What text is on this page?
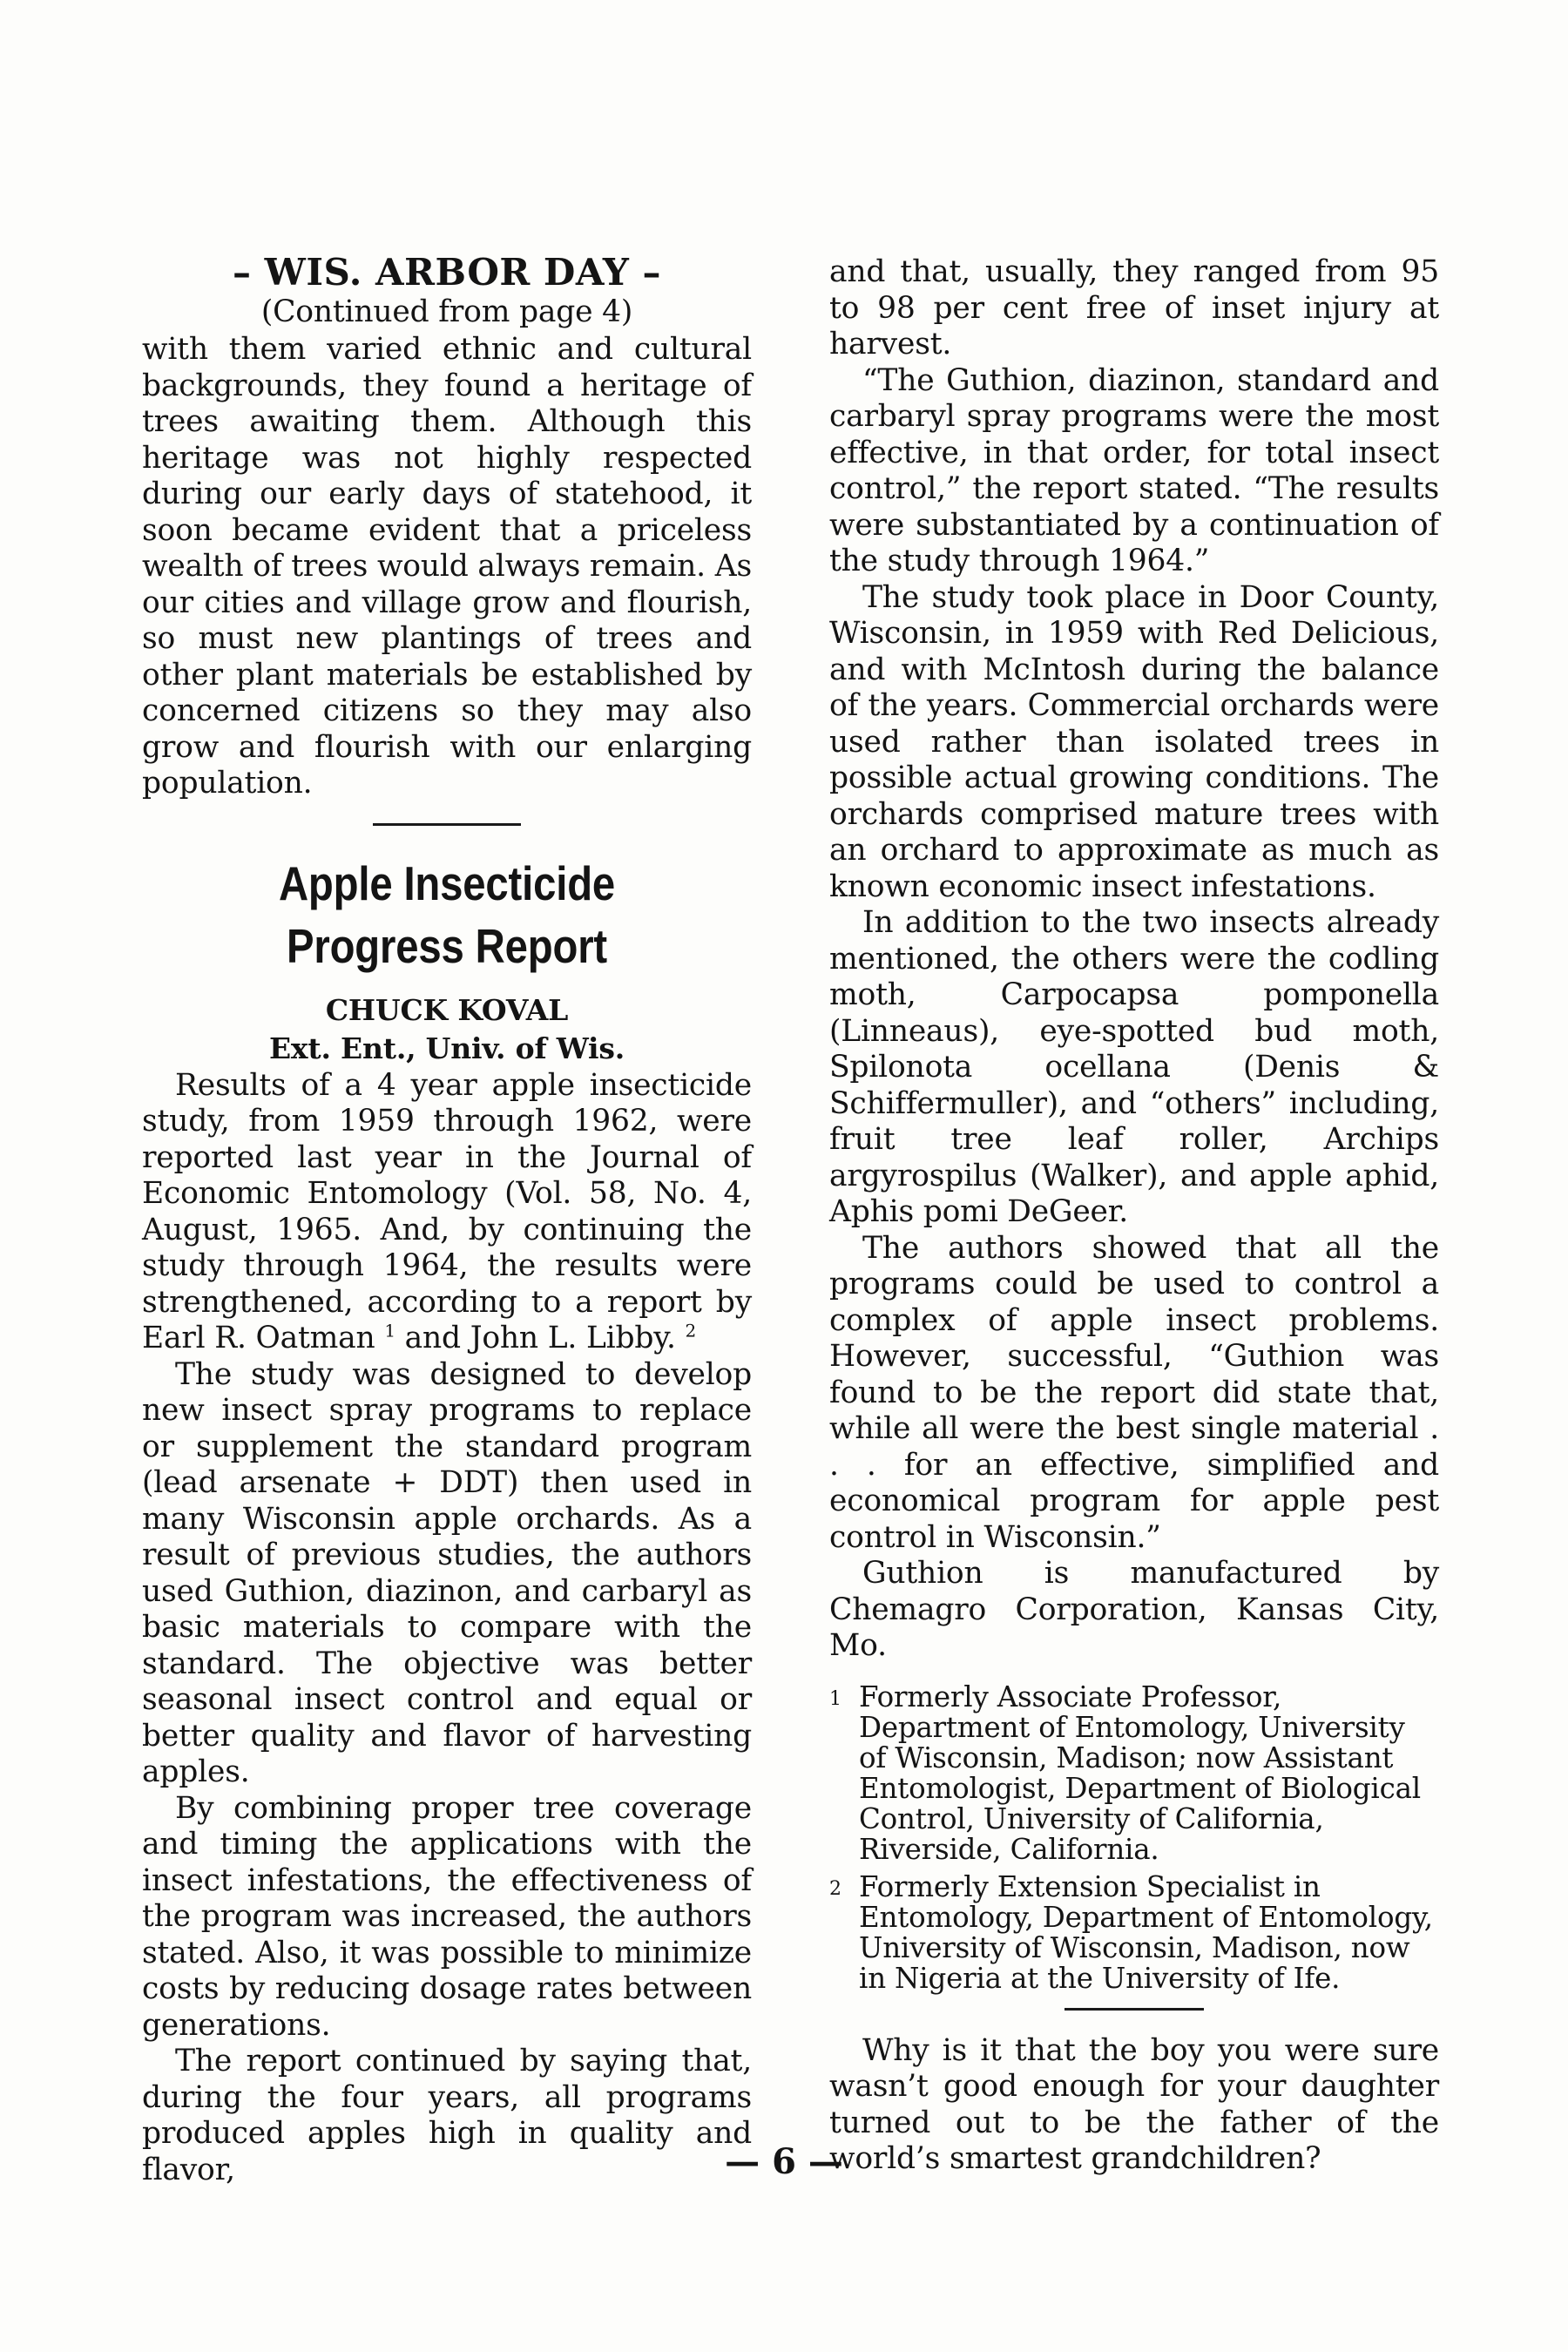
– WIS. ARBOR DAY –
(Continued from page 4)

with them varied ethnic and cultural backgrounds, they found a heritage of trees awaiting them. Although this heritage was not highly respected during our early days of statehood, it soon became evident that a priceless wealth of trees would always remain. As our cities and village grow and flourish, so must new plantings of trees and other plant materials be established by concerned citizens so they may also grow and flourish with our enlarging population.

Apple Insecticide Progress Report
CHUCK KOVAL
Ext. Ent., Univ. of Wis.

Results of a 4 year apple insecticide study, from 1959 through 1962, were reported last year in the Journal of Economic Entomology (Vol. 58, No. 4, August, 1965. And, by continuing the study through 1964, the results were strengthened, according to a report by Earl R. Oatman $^1$ and John L. Libby. $^2$

The study was designed to develop new insect spray programs to replace or supplement the standard program (lead arsenate + DDT) then used in many Wisconsin apple orchards. As a result of previous studies, the authors used Guthion, diazinon, and carbaryl as basic materials to compare with the standard. The objective was better seasonal insect control and equal or better quality and flavor of harvesting apples.

By combining proper tree coverage and timing the applications with the insect infestations, the effectiveness of the program was increased, the authors stated. Also, it was possible to minimize costs by reducing dosage rates between generations.

The report continued by saying that, during the four years, all programs produced apples high in quality and flavor,

and that, usually, they ranged from 95 to 98 per cent free of inset injury at harvest.

“The Guthion, diazinon, standard and carbaryl spray programs were the most effective, in that order, for total insect control,” the report stated. “The results were substantiated by a continuation of the study through 1964.”

The study took place in Door County, Wisconsin, in 1959 with Red Delicious, and with McIntosh during the balance of the years. Commercial orchards were used rather than isolated trees in possible actual growing conditions. The orchards comprised mature trees with an orchard to approximate as much as known economic insect infestations.

In addition to the two insects already mentioned, the others were the codling moth, Carpocapsa pomponella (Linneaus), eye-spotted bud moth, Spilonota ocellana (Denis & Schiffermuller), and “others” including, fruit tree leaf roller, Archips argyrospilus (Walker), and apple aphid, Aphis pomi DeGeer.

The authors showed that all the programs could be used to control a complex of apple insect problems. However, successful, “Guthion was found to be the report did state that, while all were the best single material . . . for an effective, simplified and economical program for apple pest control in Wisconsin.”

Guthion is manufactured by Chemagro Corporation, Kansas City, Mo.

1 Formerly Associate Professor, Department of Entomology, University of Wisconsin, Madison; now Assistant Entomologist, Department of Biological Control, University of California, Riverside, California.
2 Formerly Extension Specialist in Entomology, Department of Entomology, University of Wisconsin, Madison, now in Nigeria at the University of Ife.

Why is it that the boy you were sure wasn’t good enough for your daughter turned out to be the father of the world’s smartest grandchildren?

— 6 —
